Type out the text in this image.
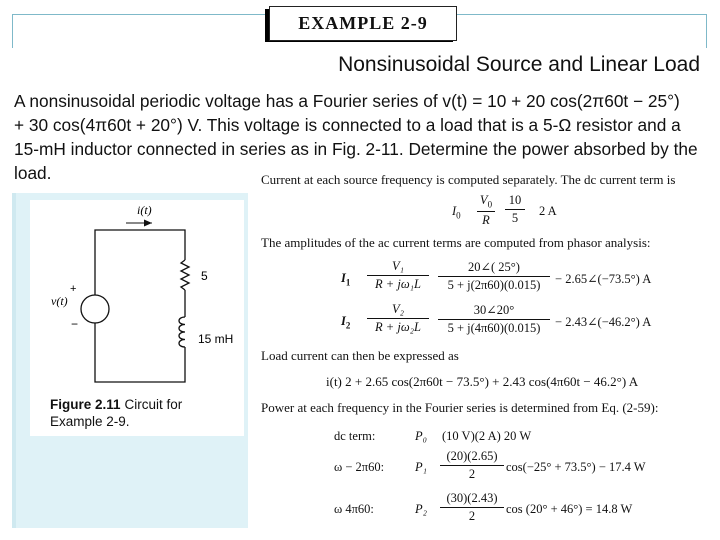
EXAMPLE 2-9
Nonsinusoidal Source and Linear Load

A nonsinusoidal periodic voltage has a Fourier series of v(t) = 10 + 20 cos(2π60t − 25°)

+ 30 cos(4π60t + 20°) V. This voltage is connected to a load that is a 5-Ω resistor and a

15-mH inductor connected in series as in Fig. 2-11. Determine the power absorbed by the

load.

i(t)
+
−
v(t)
5
15 mH
Figure 2.11 Circuit for
Example 2-9.
Current at each source frequency is computed separately. The dc current term is
$I_0 \frac{V_0}{R} \frac{10}{5} 2$ A
The amplitudes of the ac current terms are computed from phasor analysis:
$I_1 \frac{\text{V₁}}{\text{R + jω₁L}} \frac{20\angle( 25^\circ)}{5 + j(2\pi 60)(0.015)}$ − 2.65∠(−73.5°) A
$I_2 \frac{\text{V₂}}{\text{R + jω₂L}} \frac{30\angle 20^\circ}{5 + j(4\pi 60)(0.015)}$ − 2.43∠(−46.2°) A
Load current can then be expressed as
i(t) 2 + 2.65 cos(2π60t − 73.5°) + 2.43 cos(4π60t − 46.2°) A
Power at each frequency in the Fourier series is determined from Eq. (2-59):
dc term:	P₀ (10 V)(2 A) 20 W
ω − 2π60: $P_1 \frac{(20)(2.65)}{2} \cos(-25^\circ + 73.5^\circ) - 17.4$ W
ω 4π60:	$P_2 \frac{(30)(2.43)}{2}$ cos (20° + 46°) = 14.8 W
